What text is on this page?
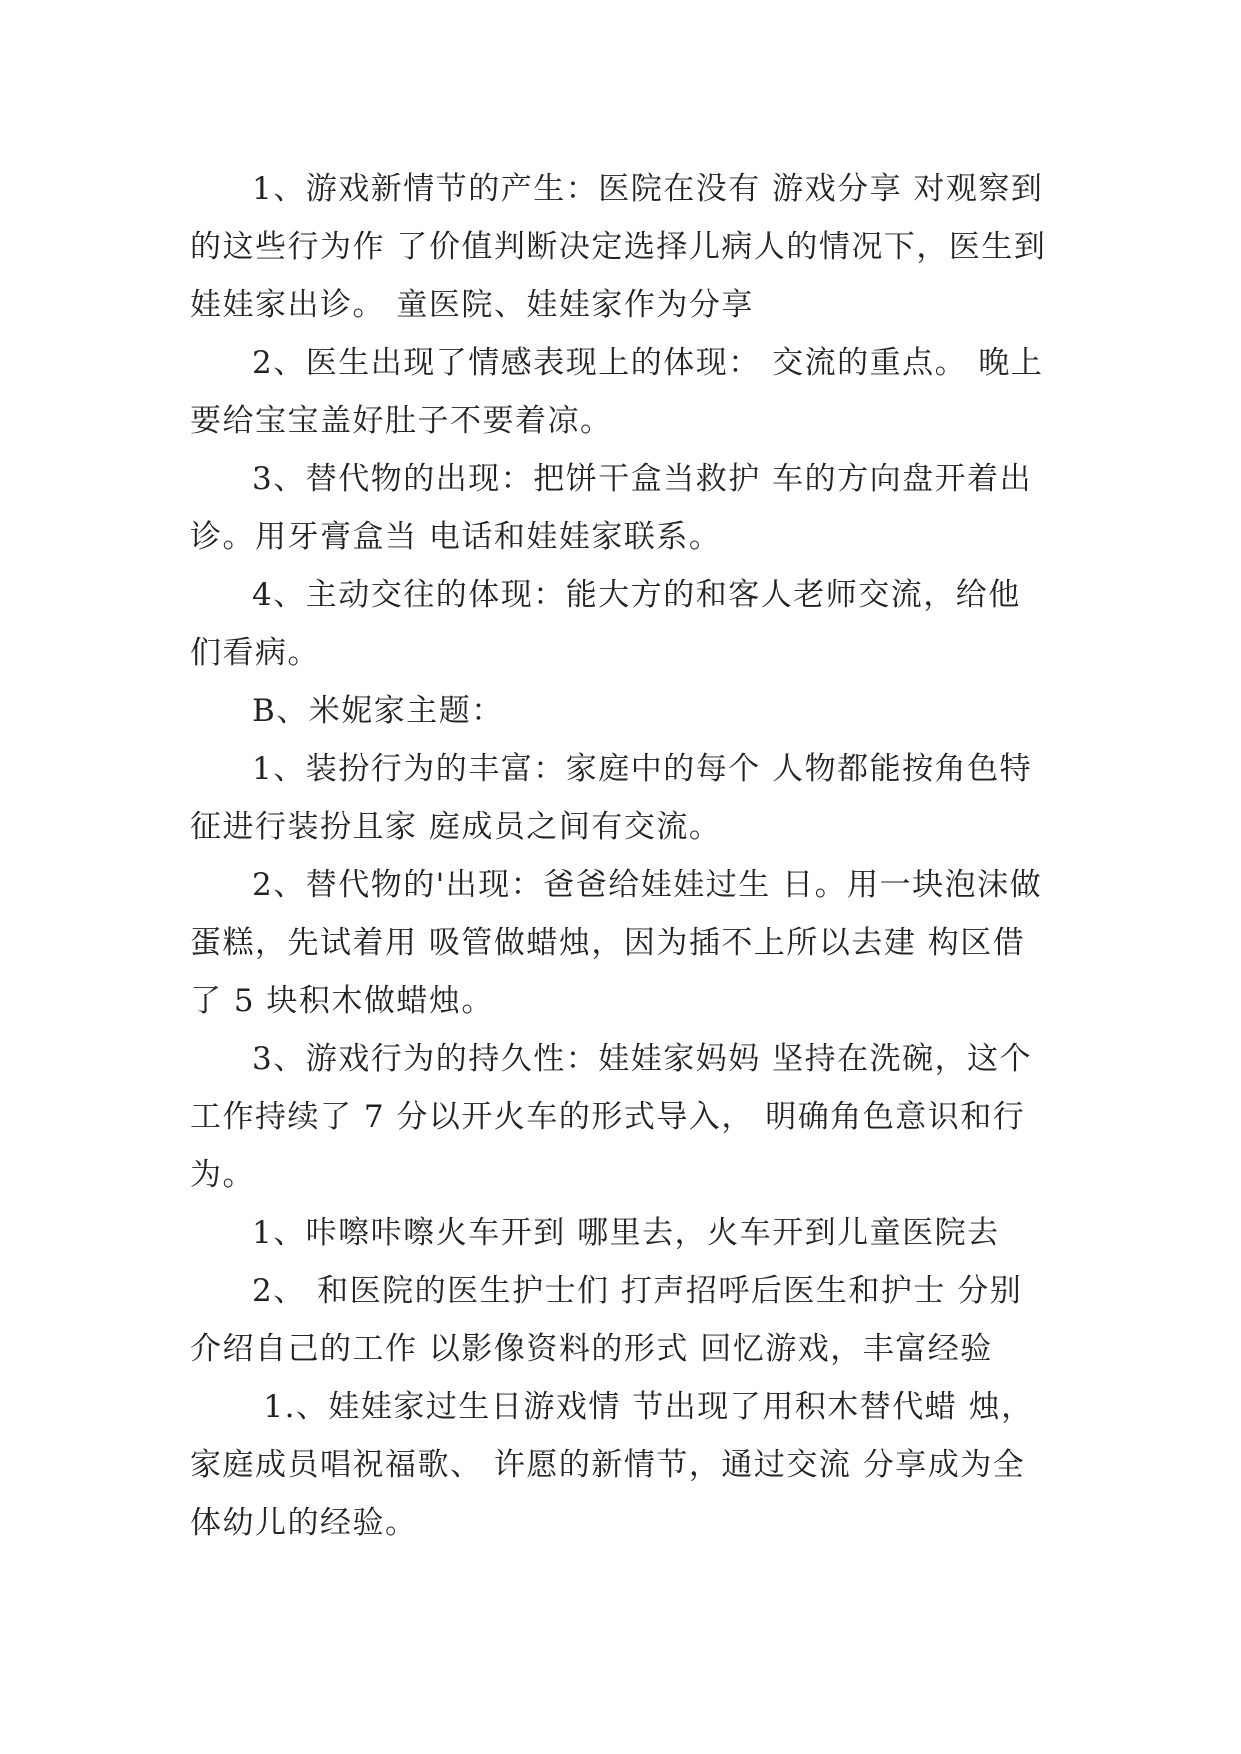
1、游戏新情节的产生：医院在没有 游戏分享 对观察到的这些行为作 了价值判断决定选择儿病人的情况下，医生到娃娃家出诊。 童医院、娃娃家作为分享

2、医生出现了情感表现上的体现： 交流的重点。 晚上要给宝宝盖好肚子不要着凉。

3、替代物的出现：把饼干盒当救护 车的方向盘开着出诊。用牙膏盒当 电话和娃娃家联系。

4、主动交往的体现：能大方的和客人老师交流，给他们看病。

B、米妮家主题：

1、装扮行为的丰富：家庭中的每个 人物都能按角色特征进行装扮且家 庭成员之间有交流。

2、替代物的'出现：爸爸给娃娃过生 日。用一块泡沫做蛋糕，先试着用 吸管做蜡烛，因为插不上所以去建 构区借了 5 块积木做蜡烛。

3、游戏行为的持久性：娃娃家妈妈 坚持在洗碗，这个工作持续了 7 分以开火车的形式导入， 明确角色意识和行为。

1、咔嚓咔嚓火车开到 哪里去，火车开到儿童医院去

2、 和医院的医生护士们 打声招呼后医生和护士 分别介绍自己的工作 以影像资料的形式 回忆游戏，丰富经验

1.、娃娃家过生日游戏情 节出现了用积木替代蜡 烛，家庭成员唱祝福歌、 许愿的新情节，通过交流 分享成为全体幼儿的经验。
